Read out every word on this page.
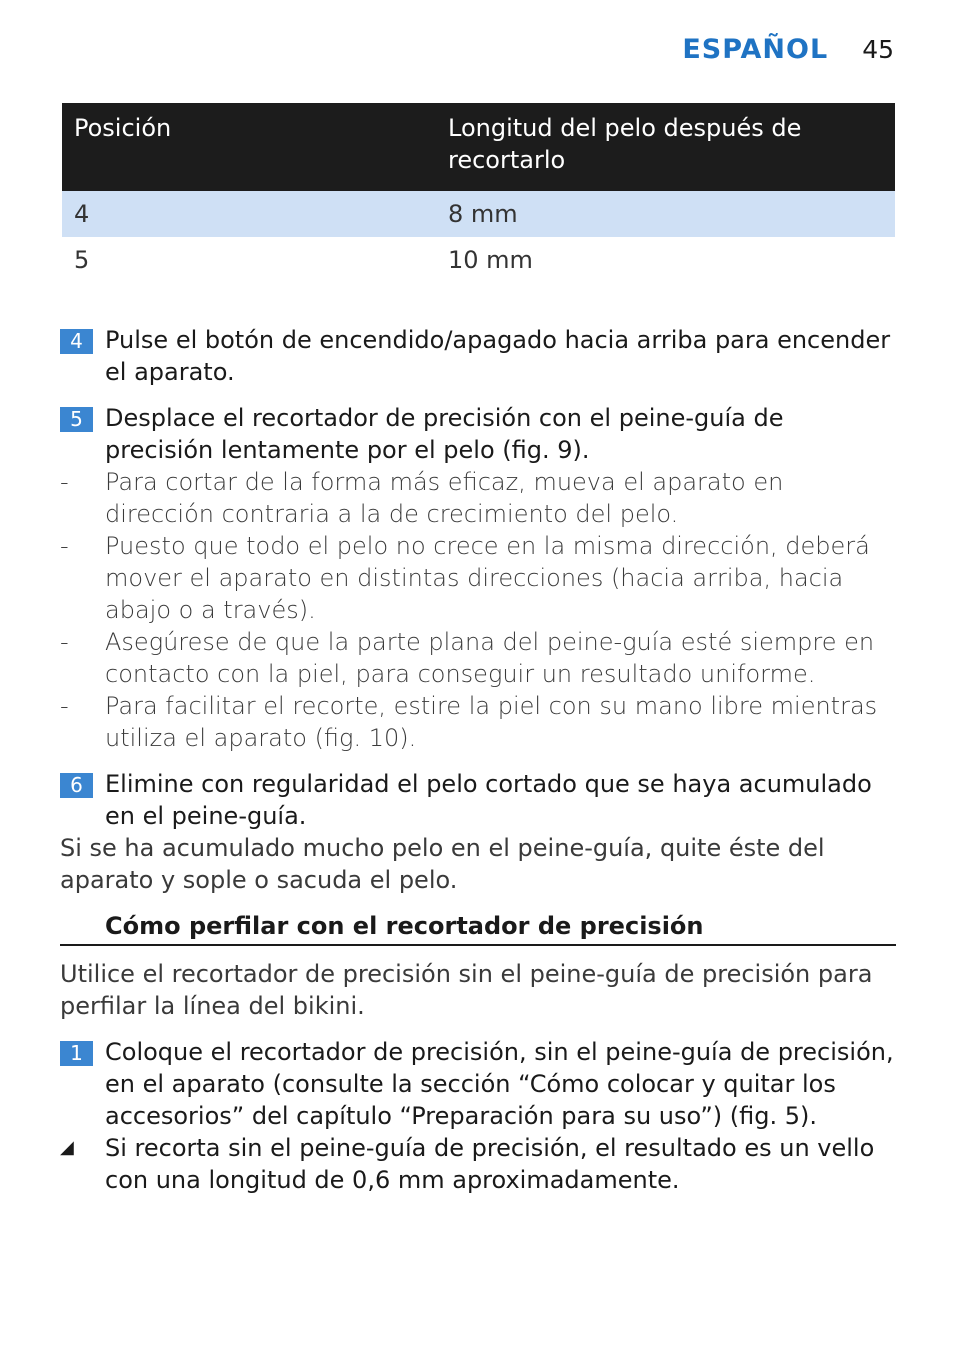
ESPAÑOL 45
Posición	Longitud del pelo después de recortarlo
4	8 mm
5	10 mm
4 Pulse el botón de encendido/apagado hacia arriba para encender el aparato.
5 Desplace el recortador de precisión con el peine-guía de precisión lentamente por el pelo (fig. 9).
-	Para cortar de la forma más eficaz, mueva el aparato en dirección contraria a la de crecimiento del pelo.
-	Puesto que todo el pelo no crece en la misma dirección, deberá mover el aparato en distintas direcciones (hacia arriba, hacia abajo o a través).
-	Asegúrese de que la parte plana del peine-guía esté siempre en contacto con la piel, para conseguir un resultado uniforme.
-	Para facilitar el recorte, estire la piel con su mano libre mientras utiliza el aparato (fig. 10).
6 Elimine con regularidad el pelo cortado que se haya acumulado en el peine-guía.

Si se ha acumulado mucho pelo en el peine-guía, quite éste del aparato y sople o sacuda el pelo.

Cómo perfilar con el recortador de precisión

Utilice el recortador de precisión sin el peine-guía de precisión para perfilar la línea del bikini.

1 Coloque el recortador de precisión, sin el peine-guía de precisión, en el aparato (consulte la sección “Cómo colocar y quitar los accesorios” del capítulo “Preparación para su uso”) (fig. 5).
◢	Si recorta sin el peine-guía de precisión, el resultado es un vello con una longitud de 0,6 mm aproximadamente.
